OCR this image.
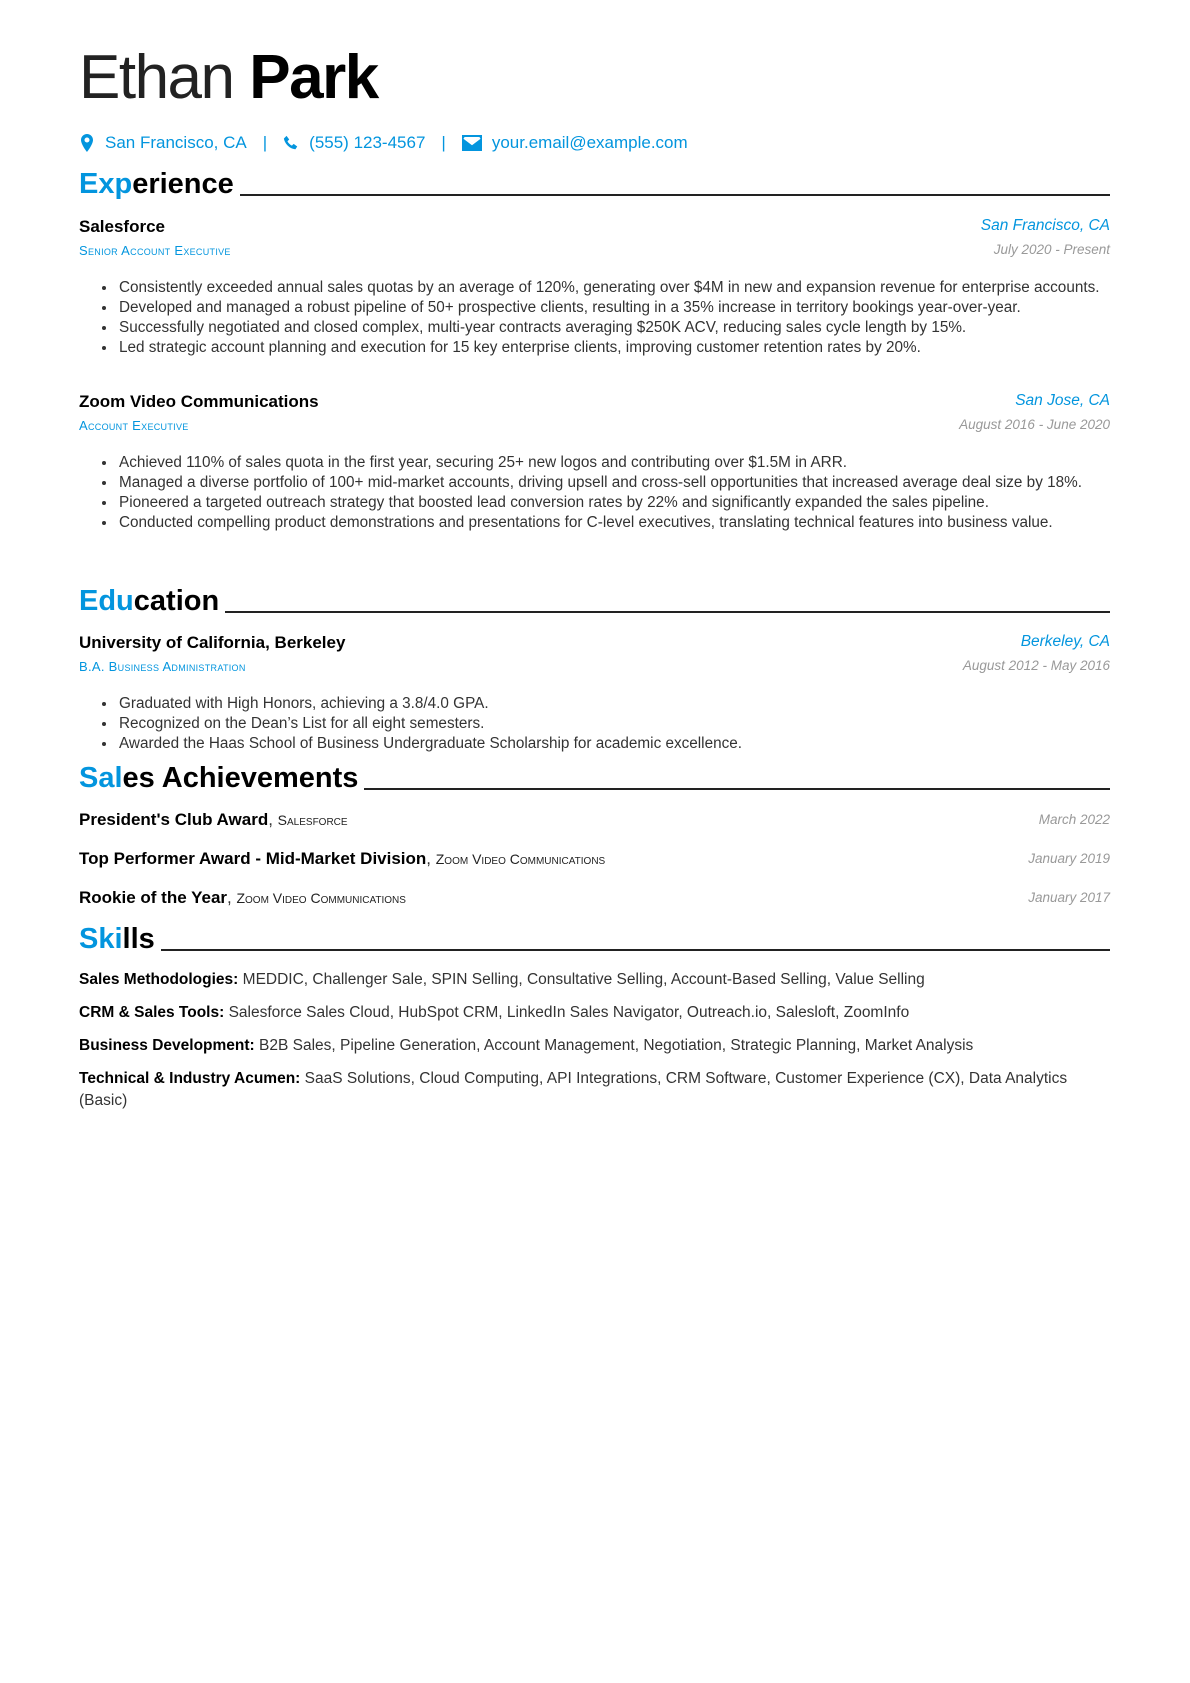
Ethan Park
San Francisco, CA | (555) 123-4567 |	your.email@example.com
Experience
Salesforce	San Francisco, CA
Senior Account Executive	July 2020 - Present
• Consistently exceeded annual sales quotas by an average of 120%, generating over $4M in new and expansion revenue for enterprise accounts.
• Developed and managed a robust pipeline of 50+ prospective clients, resulting in a 35% increase in territory bookings year-over-year.
• Successfully negotiated and closed complex, multi-year contracts averaging $250K ACV, reducing sales cycle length by 15%.
• Led strategic account planning and execution for 15 key enterprise clients, improving customer retention rates by 20%.
Zoom Video Communications	San Jose, CA
Account Executive	August 2016 - June 2020
• Achieved 110% of sales quota in the first year, securing 25+ new logos and contributing over $1.5M in ARR.
• Managed a diverse portfolio of 100+ mid-market accounts, driving upsell and cross-sell opportunities that increased average deal size by 18%.
• Pioneered a targeted outreach strategy that boosted lead conversion rates by 22% and significantly expanded the sales pipeline.
• Conducted compelling product demonstrations and presentations for C-level executives, translating technical features into business value.
Education
University of California, Berkeley	Berkeley, CA
B.A. Business Administration	August 2012 - May 2016
• Graduated with High Honors, achieving a 3.8/4.0 GPA.
• Recognized on the Dean’s List for all eight semesters.
• Awarded the Haas School of Business Undergraduate Scholarship for academic excellence.
Sales Achievements
President's Club Award, Salesforce	March 2022
Top Performer Award - Mid-Market Division, Zoom Video Communications	January 2019
Rookie of the Year, Zoom Video Communications	January 2017
Skills
Sales Methodologies: MEDDIC, Challenger Sale, SPIN Selling, Consultative Selling, Account-Based Selling, Value Selling
CRM & Sales Tools: Salesforce Sales Cloud, HubSpot CRM, LinkedIn Sales Navigator, Outreach.io, Salesloft, ZoomInfo
Business Development: B2B Sales, Pipeline Generation, Account Management, Negotiation, Strategic Planning, Market Analysis
Technical & Industry Acumen: SaaS Solutions, Cloud Computing, API Integrations, CRM Software, Customer Experience (CX), Data Analytics (Basic)
